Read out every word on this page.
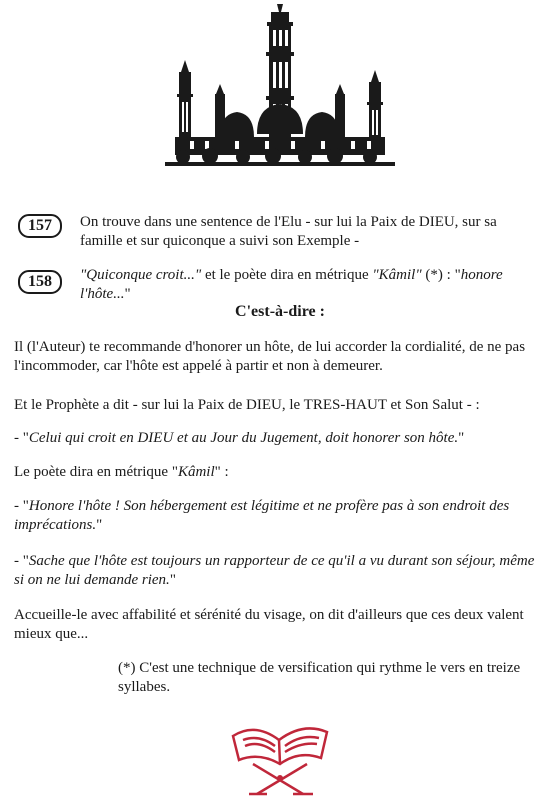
157	On trouve dans une sentence de l'Elu - sur lui la Paix de DIEU, sur sa famille et sur quiconque a suivi son Exemple -
158	"Quiconque croit..." et le poète dira en métrique "Kâmil" (*) : "honore l'hôte..."
C'est-à-dire :
Il (l'Auteur) te recommande d'honorer un hôte, de lui accorder la cordialité, de ne pas l'incommoder, car l'hôte est appelé à partir et non à demeurer.
Et le Prophète a dit - sur lui la Paix de DIEU, le TRES-HAUT et Son Salut - :
- "Celui qui croit en DIEU et au Jour du Jugement, doit honorer son hôte."
Le poète dira en métrique "Kâmil" :
- "Honore l'hôte ! Son hébergement est légitime et ne profère pas à son endroit des imprécations."
- "Sache que l'hôte est toujours un rapporteur de ce qu'il a vu durant son séjour, même si on ne lui demande rien."
Accueille-le avec affabilité et sérénité du visage, on dit d'ailleurs que ces deux valent mieux que...
(*) C'est une technique de versification qui rythme le vers en treize syllabes.
